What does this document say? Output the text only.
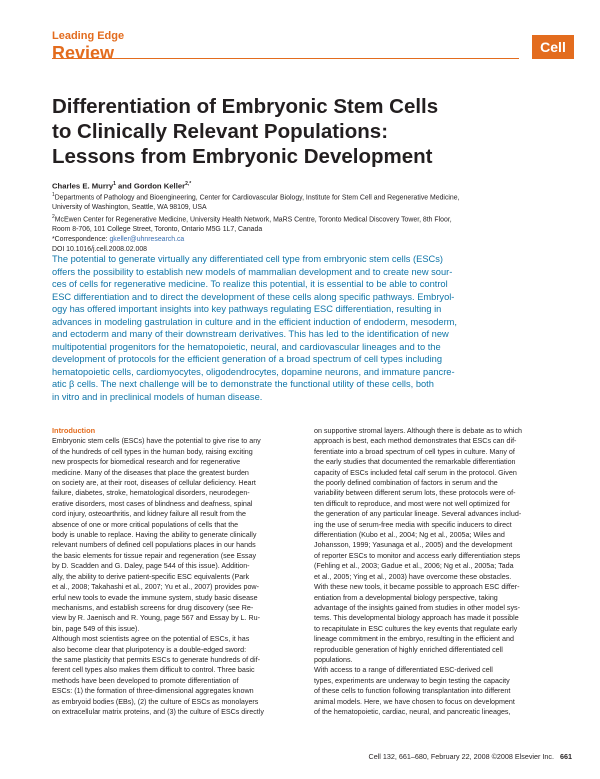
Leading Edge
Review	Cell
Differentiation of Embryonic Stem Cells
to Clinically Relevant Populations:
Lessons from Embryonic Development
Charles E. Murry$^1$ and Gordon Keller$^{2,*}$
$^1$Departments of Pathology and Bioengineering, Center for Cardiovascular Biology, Institute for Stem Cell and Regenerative Medicine,
University of Washington, Seattle, WA 98109, USA
$^2$McEwen Center for Regenerative Medicine, University Health Network, MaRS Centre, Toronto Medical Discovery Tower, 8th Floor,
Room 8-706, 101 College Street, Toronto, Ontario M5G 1L7, Canada
*Correspondence: gkeller@uhnresearch.ca
DOI 10.1016/j.cell.2008.02.008
The potential to generate virtually any differentiated cell type from embryonic stem cells (ESCs)
offers the possibility to establish new models of mammalian development and to create new sour-
ces of cells for regenerative medicine. To realize this potential, it is essential to be able to control
ESC differentiation and to direct the development of these cells along specific pathways. Embryol-
ogy has offered important insights into key pathways regulating ESC differentiation, resulting in
advances in modeling gastrulation in culture and in the efficient induction of endoderm, mesoderm,
and ectoderm and many of their downstream derivatives. This has led to the identification of new
multipotential progenitors for the hematopoietic, neural, and cardiovascular lineages and to the
development of protocols for the efficient generation of a broad spectrum of cell types including
hematopoietic cells, cardiomyocytes, oligodendrocytes, dopamine neurons, and immature pancre-
atic β cells. The next challenge will be to demonstrate the functional utility of these cells, both
in vitro and in preclinical models of human disease.
Introduction
Embryonic stem cells (ESCs) have the potential to give rise to any
of the hundreds of cell types in the human body, raising exciting
new prospects for biomedical research and for regenerative
medicine. Many of the diseases that place the greatest burden
on society are, at their root, diseases of cellular deficiency. Heart
failure, diabetes, stroke, hematological disorders, neurodegen-
erative disorders, most cases of blindness and deafness, spinal
cord injury, osteoarthritis, and kidney failure all result from the
absence of one or more critical populations of cells that the
body is unable to replace. Having the ability to generate clinically
relevant numbers of defined cell populations places in our hands
the basic elements for tissue repair and regeneration (see Essay
by D. Scadden and G. Daley, page 544 of this issue). Addition-
ally, the ability to derive patient-specific ESC equivalents (Park
et al., 2008; Takahashi et al., 2007; Yu et al., 2007) provides pow-
erful new tools to evade the immune system, study basic disease
mechanisms, and establish screens for drug discovery (see Re-
view by R. Jaenisch and R. Young, page 567 and Essay by L. Ru-
bin, page 549 of this issue).
Although most scientists agree on the potential of ESCs, it has
also become clear that pluripotency is a double-edged sword:
the same plasticity that permits ESCs to generate hundreds of dif-
ferent cell types also makes them difficult to control. Three basic
methods have been developed to promote differentiation of
ESCs: (1) the formation of three-dimensional aggregates known
as embryoid bodies (EBs), (2) the culture of ESCs as monolayers
on extracellular matrix proteins, and (3) the culture of ESCs directly
on supportive stromal layers. Although there is debate as to which
approach is best, each method demonstrates that ESCs can dif-
ferentiate into a broad spectrum of cell types in culture. Many of
the early studies that documented the remarkable differentiation
capacity of ESCs included fetal calf serum in the protocol. Given
the poorly defined combination of factors in serum and the
variability between different serum lots, these protocols were of-
ten difficult to reproduce, and most were not well optimized for
the generation of any particular lineage. Several advances includ-
ing the use of serum-free media with specific inducers to direct
differentiation (Kubo et al., 2004; Ng et al., 2005a; Wiles and
Johansson, 1999; Yasunaga et al., 2005) and the development
of reporter ESCs to monitor and access early differentiation steps
(Fehling et al., 2003; Gadue et al., 2006; Ng et al., 2005a; Tada
et al., 2005; Ying et al., 2003) have overcome these obstacles.
With these new tools, it became possible to approach ESC differ-
entiation from a developmental biology perspective, taking
advantage of the insights gained from studies in other model sys-
tems. This developmental biology approach has made it possible
to recapitulate in ESC cultures the key events that regulate early
lineage commitment in the embryo, resulting in the efficient and
reproducible generation of highly enriched differentiated cell
populations.
With access to a range of differentiated ESC-derived cell
types, experiments are underway to begin testing the capacity
of these cells to function following transplantation into different
animal models. Here, we have chosen to focus on development
of the hematopoietic, cardiac, neural, and pancreatic lineages,
Cell 132, 661–680, February 22, 2008 ©2008 Elsevier Inc. 661
